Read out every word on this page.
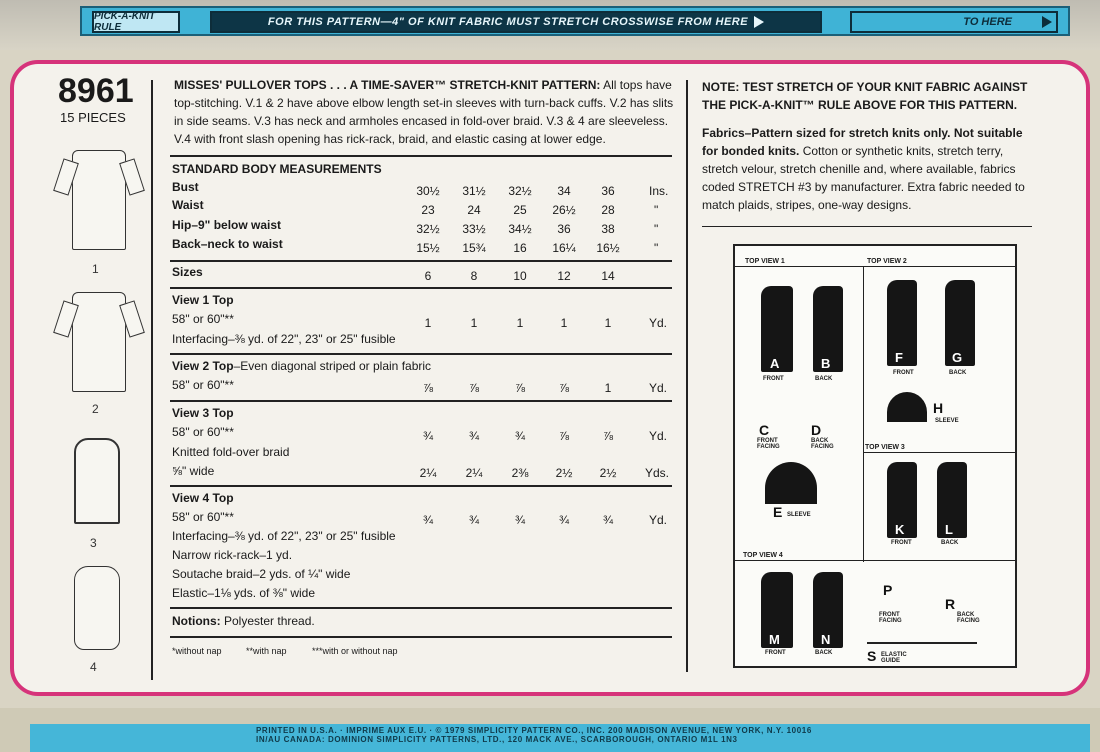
PICK-A-KNIT RULE	FOR THIS PATTERN—4" OF KNIT FABRIC MUST STRETCH CROSSWISE FROM HERE	TO HERE
8961
15 PIECES
1
2
3
4
MISSES' PULLOVER TOPS . . . A TIME-SAVER™ STRETCH-KNIT PATTERN: All tops have top-stitching. V.1 & 2 have above elbow length set-in sleeves with turn-back cuffs. V.2 has slits in side seams. V.3 has neck and armholes encased in fold-over braid. V.3 & 4 are sleeveless. V.4 with front slash opening has rick-rack, braid, and elastic casing at lower edge.
STANDARD BODY MEASUREMENTS
Bust	30½	31½	32½	34	36	Ins.
Waist	23	24	25	26½	28	"
Hip–9" below waist	32½	33½	34½	36	38	"
Back–neck to waist	15½	15¾	16	16¼	16½	"
Sizes	6	8	10	12	14
View 1 Top
58" or 60"**	1	1	1	1	1	Yd.
Interfacing–⅜ yd. of 22", 23" or 25" fusible
View 2 Top–Even diagonal striped or plain fabric
58" or 60"**	⅞	⅞	⅞	⅞	1	Yd.
View 3 Top
58" or 60"**	¾	¾	¾	⅞	⅞	Yd.
Knitted fold-over braid
⅝" wide	2¼	2¼	2⅜	2½	2½	Yds.
View 4 Top
58" or 60"**	¾	¾	¾	¾	¾	Yd.
Interfacing–⅜ yd. of 22", 23" or 25" fusible
Narrow rick-rack–1 yd.
Soutache braid–2 yds. of ¼" wide
Elastic–1⅛ yds. of ⅜" wide
Notions: Polyester thread.
*without nap	**with nap	***with or without nap
NOTE: TEST STRETCH OF YOUR KNIT FABRIC AGAINST THE PICK-A-KNIT™ RULE ABOVE FOR THIS PATTERN.
Fabrics–Pattern sized for stretch knits only. Not suitable for bonded knits. Cotton or synthetic knits, stretch terry, stretch velour, stretch chenille and, where available, fabrics coded STRETCH #3 by manufacturer. Extra fabric needed to match plaids, stripes, one-way designs.
TOP VIEW 1	TOP VIEW 2
A
FRONT
B
BACK
C
FRONT FACING
D
BACK FACING
E SLEEVE
F
FRONT
G
BACK
H
SLEEVE
TOP VIEW 3
K
FRONT
L
BACK
TOP VIEW 4
M
FRONT
N
BACK
P
FRONT FACING
R
BACK FACING
S ELASTIC GUIDE
PRINTED IN U.S.A. · IMPRIME AUX E.U. · © 1979 SIMPLICITY PATTERN CO., INC. 200 MADISON AVENUE, NEW YORK, N.Y. 10016
IN/AU CANADA: DOMINION SIMPLICITY PATTERNS, LTD., 120 MACK AVE., SCARBOROUGH, ONTARIO M1L 1N3
